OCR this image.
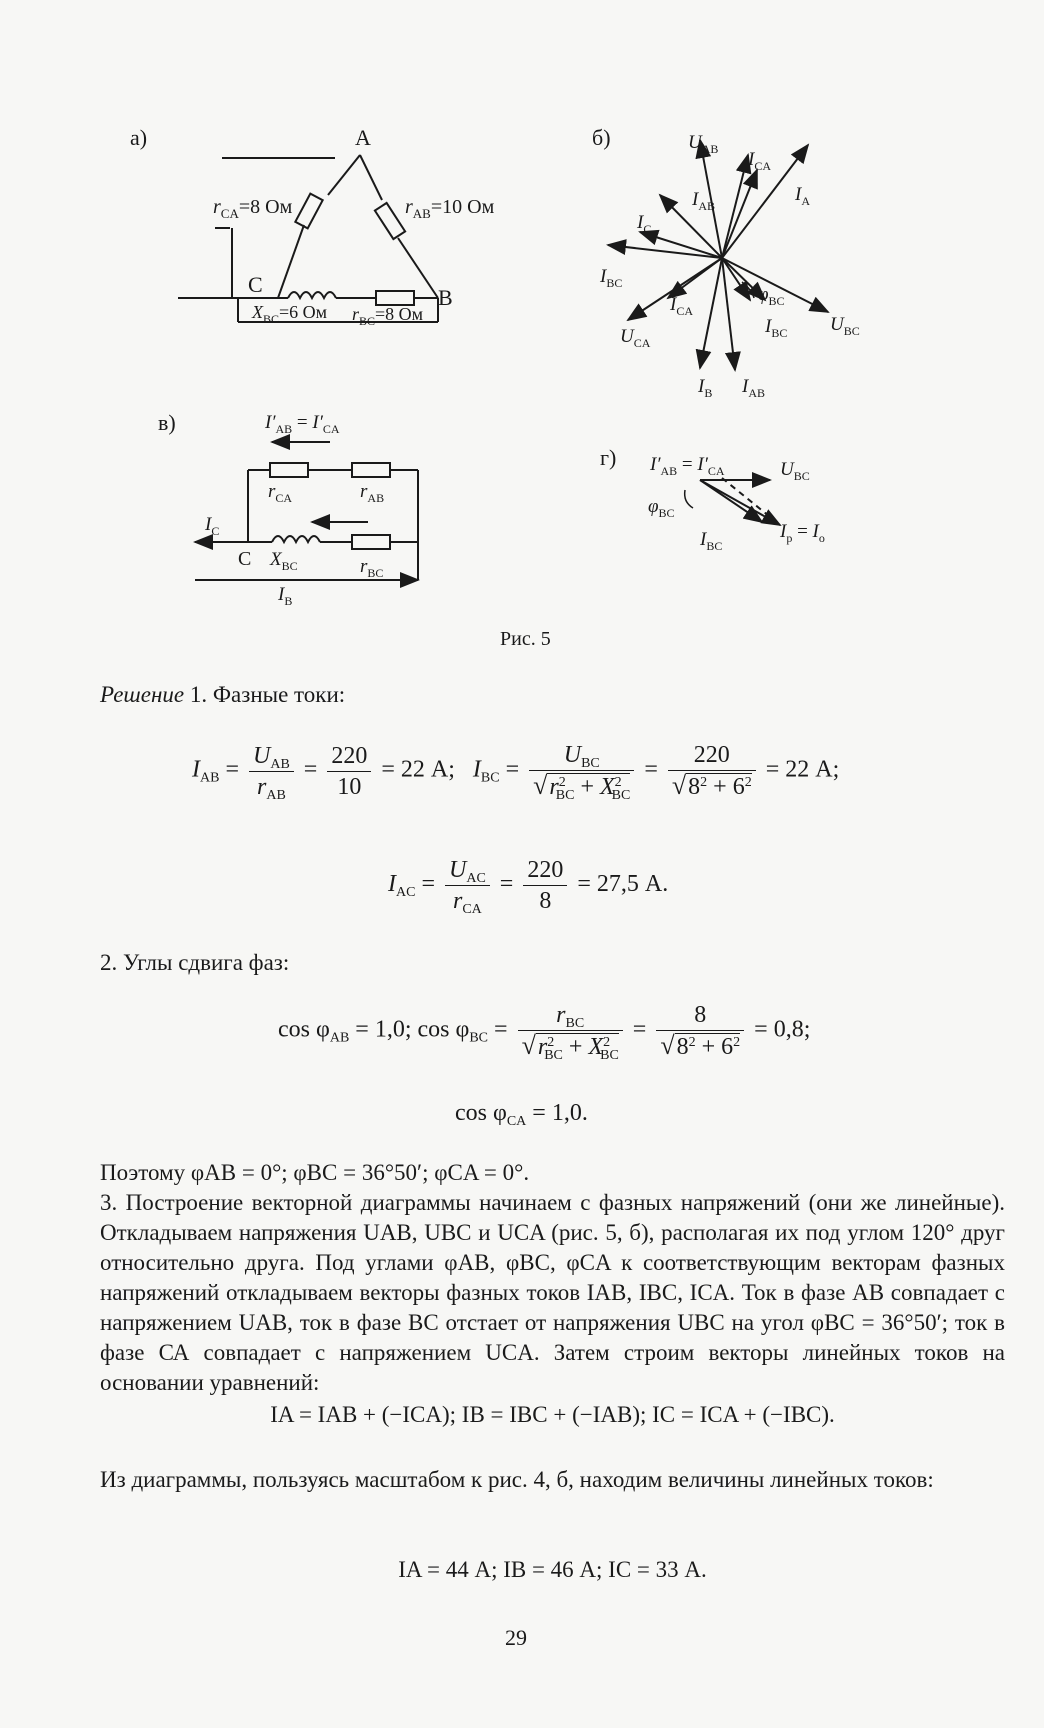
а)	б)
в)
г)
A
B
C
$r_{CA}=8$ Ом	$r_{AB}=10$ Ом
$X_{BC}=6$ Ом $r_{BC}=8$ Ом
$U_{AB}$ $I_{CA}$
$I_A$
$I_{AB}$
$I_C$
$I_{BC}$
$I_{CA}$
$\varphi_{BC}$
$I_{BC}$ $U_{BC}$
$U_{CA}$
$I_B$ $I_{AB}$
$I'_{AB} = I'_{CA}$
$r_{CA}$	$r_{AB}$
$I_C$
$X_{BC}$	$r_{BC}$
$I_B$
C
$I'_{AB} = I'_{CA}$	$U_{BC}$
$\varphi_{BC}$
$I_p = I_o$
$I_{BC}$
Рис. 5
Решение 1. Фазные токи:
$I_{AB} = \frac{U_{AB}}{r_{AB}} = \frac{220}{10} = 22$ А; $I_{BC} = \frac{U_{BC}}{√r^2_{BC} + X^2_{BC}} = \frac{220}{√8^2 + 6^2} = 22$ А;
$I_{AC} = \frac{U_{AC}}{r_{CA}} = \frac{220}{8} = 27,5$ А.
2. Углы сдвига фаз:
$\cos \varphi_{AB} = 1,0$; $\cos \varphi_{BC} = \frac{r_{BC}}{√r^2_{BC} + X^2_{BC}} = \frac{8}{√8^2 + 6^2} = 0,8$;
$\cos \varphi_{CA} = 1,0$.
Поэтому φAB = 0°; φBC = 36°50′; φCA = 0°.
3. Построение векторной диаграммы начинаем с фазных напряжений (они же линейные). Откладываем напряжения UAB, UBC и UCA (рис. 5, б), располагая их под углом 120° друг относительно друга. Под углами φAB, φBC, φCA к соответствующим векторам фазных напряжений откладываем векторы фазных токов IAB, IBC, ICA. Ток в фазе АВ совпадает с напряжением UAB, ток в фазе ВС отстает от напряжения UBC на угол φBC = 36°50′; ток в фазе СА совпадает с напряжением UCA. Затем строим векторы линейных токов на основании уравнений:
IA = IAB + (−ICA); IB = IBC + (−IAB); IC = ICA + (−IBC).
Из диаграммы, пользуясь масштабом к рис. 4, б, находим величины линейных токов:
IA = 44 А; IB = 46 А; IC = 33 А.
29
